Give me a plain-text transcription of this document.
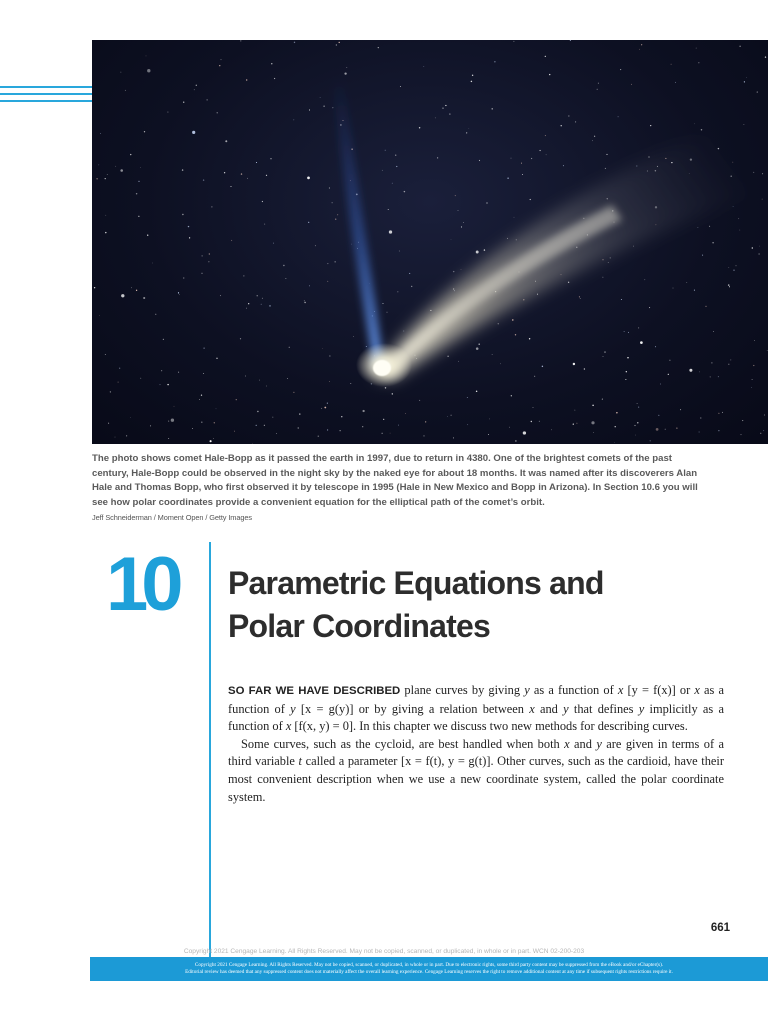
The photo shows comet Hale-Bopp as it passed the earth in 1997, due to return in 4380. One of the brightest comets of the past century, Hale-Bopp could be observed in the night sky by the naked eye for about 18 months. It was named after its discoverers Alan Hale and Thomas Bopp, who first observed it by telescope in 1995 (Hale in New Mexico and Bopp in Arizona). In Section 10.6 you will see how polar coordinates provide a convenient equation for the elliptical path of the comet’s orbit.

Jeff Schneiderman / Moment Open / Getty Images
10	Parametric Equations and
Polar Coordinates

SO FAR WE HAVE DESCRIBED plane curves by giving y as a function of x [y = f(x)] or x as a function of y [x = g(y)] or by giving a relation between x and y that defines y implicitly as a function of x [f(x, y) = 0]. In this chapter we discuss two new methods for describing curves.

Some curves, such as the cycloid, are best handled when both x and y are given in terms of a third variable t called a parameter [x = f(t), y = g(t)]. Other curves, such as the cardioid, have their most convenient description when we use a new coordinate system, called the polar coordinate system.

661
Copyright 2021 Cengage Learning. All Rights Reserved. May not be copied, scanned, or duplicated, in whole or in part. WCN 02-200-203
Copyright 2021 Cengage Learning. All Rights Reserved. May not be copied, scanned, or duplicated, in whole or in part. Due to electronic rights, some third party content may be suppressed from the eBook and/or eChapter(s).
Editorial review has deemed that any suppressed content does not materially affect the overall learning experience. Cengage Learning reserves the right to remove additional content at any time if subsequent rights restrictions require it.
